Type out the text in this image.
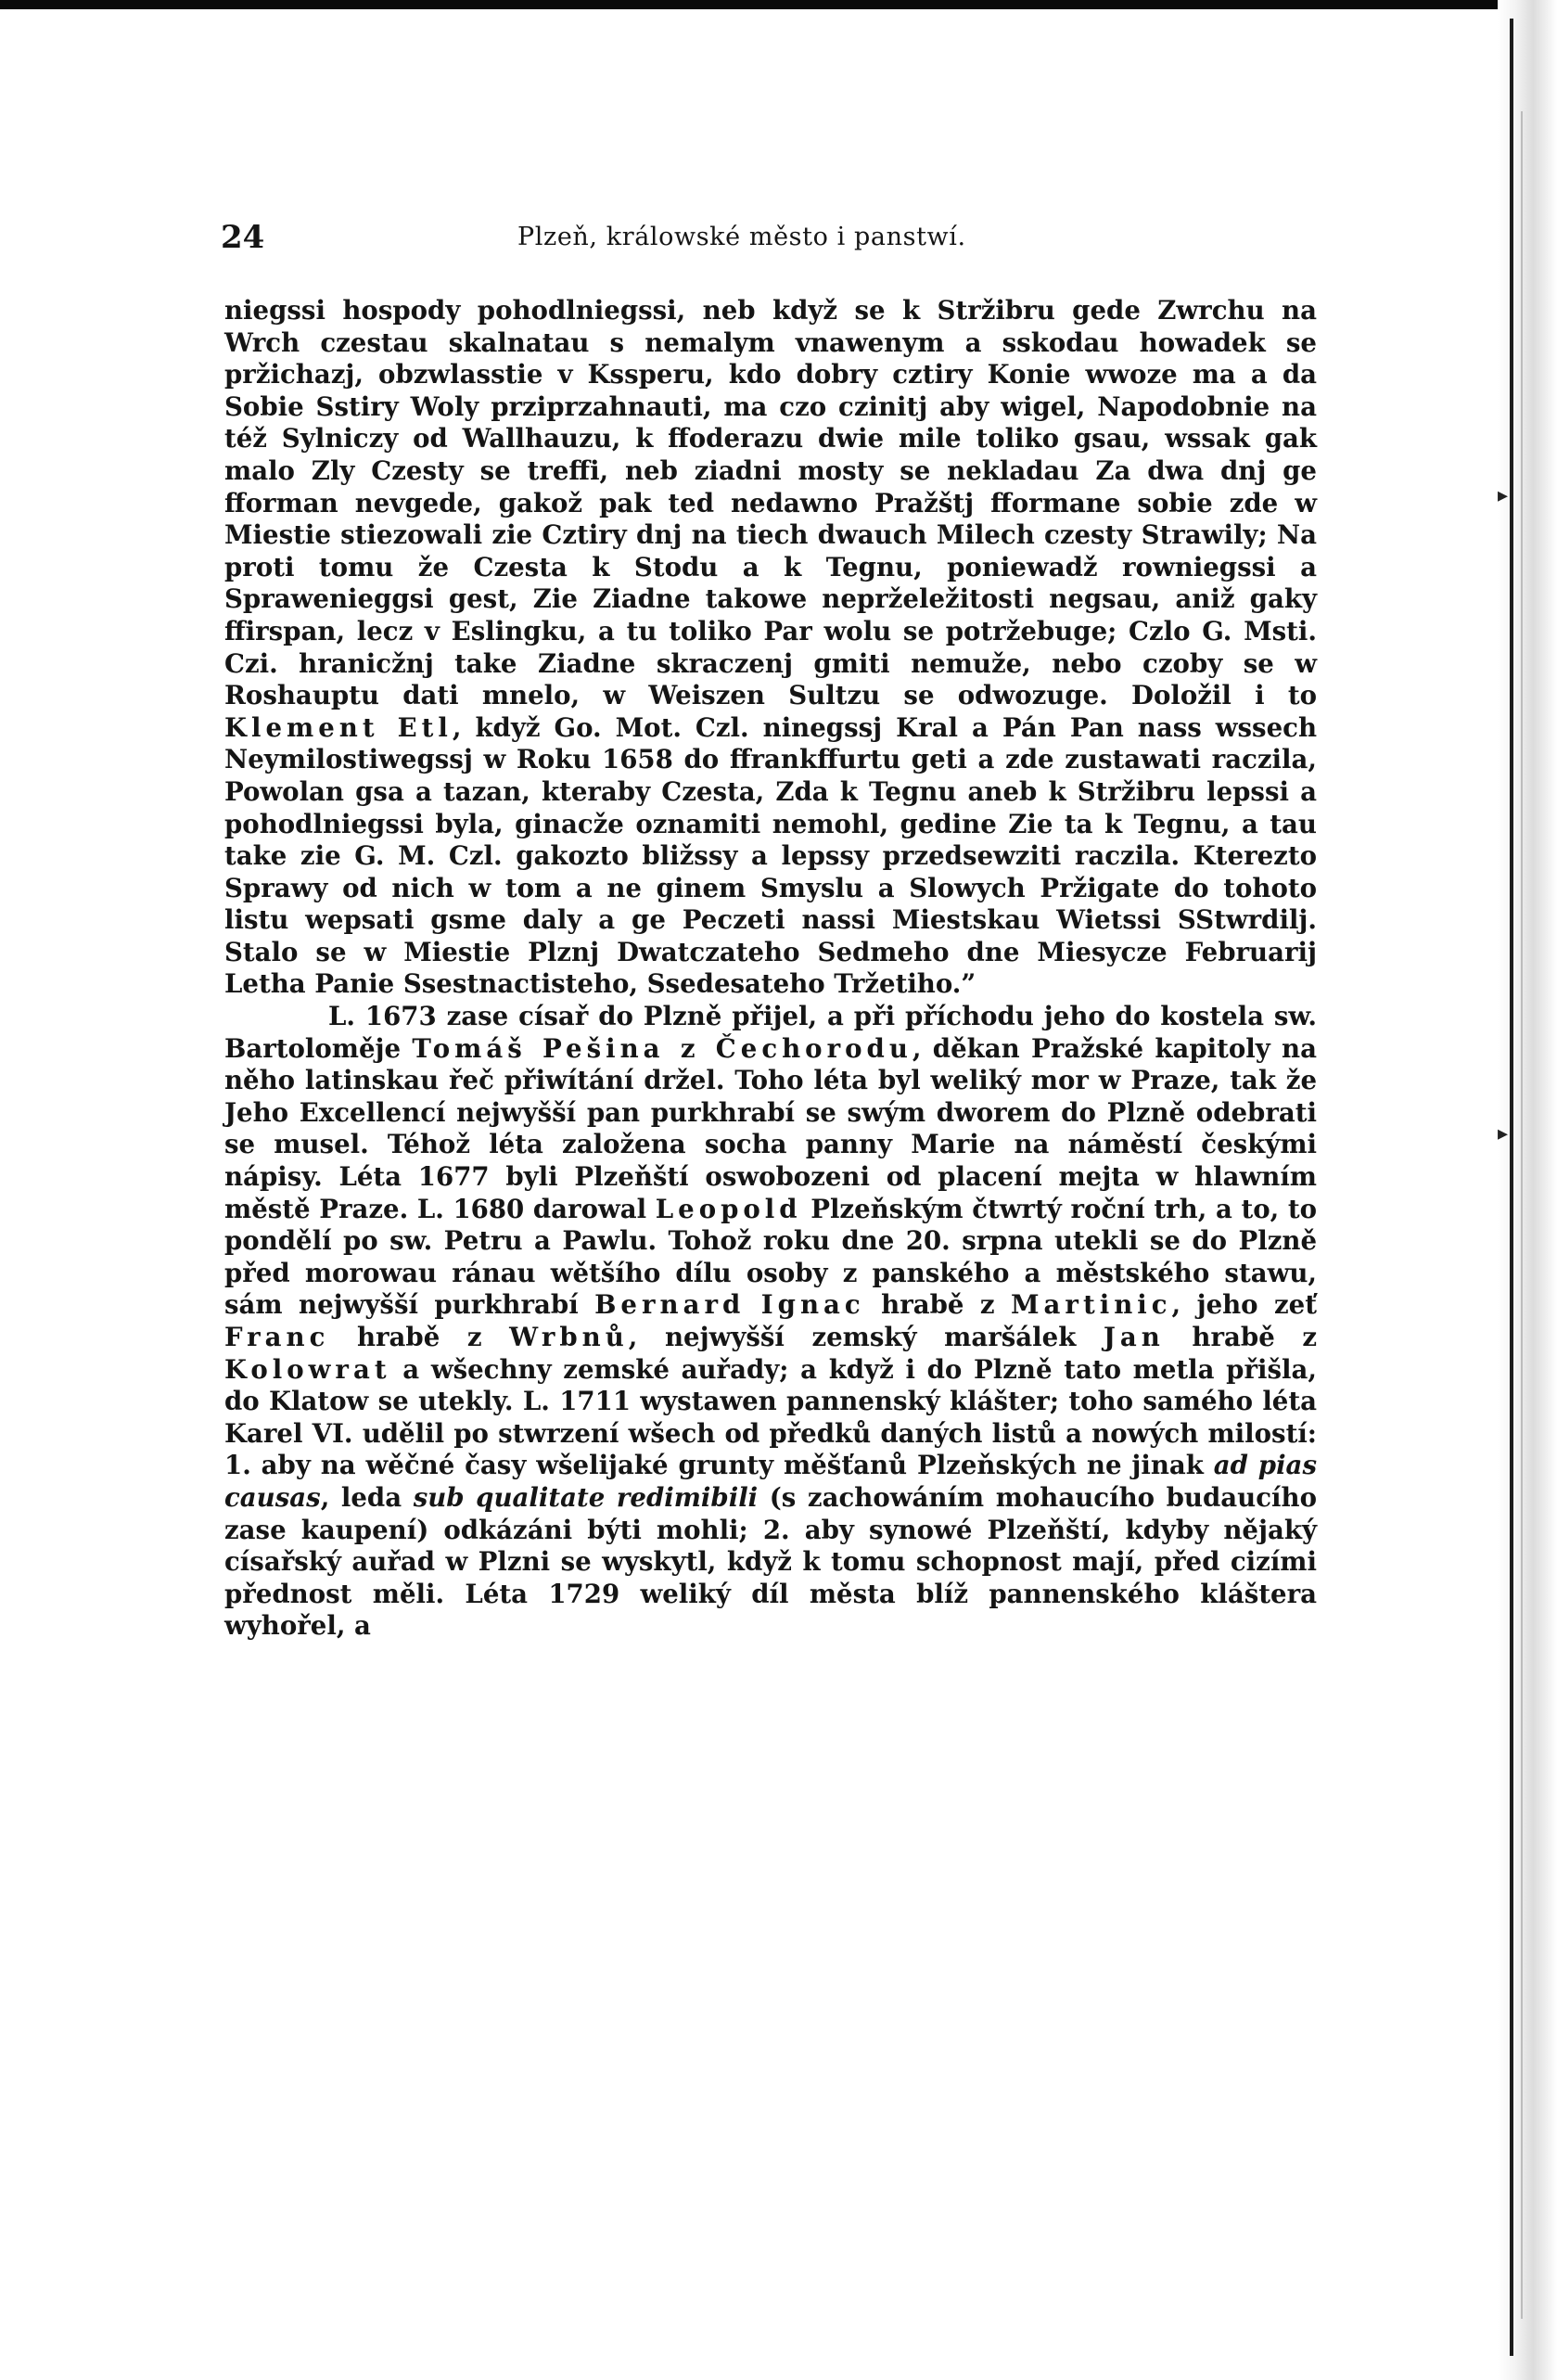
▸
▸
24	Plzeň, králowské město i panstwí.

niegssi hospody pohodlniegssi, neb když se k Stržibru gede Zwrchu na Wrch czestau skalnatau s nemalym vnawenym a sskodau howadek se pržichazj, obzwlasstie v Kssperu, kdo dobry cztiry Konie wwoze ma a da Sobie Sstiry Woly prziprzahnauti, ma czo czinitj aby wigel, Napodobnie na též Sylniczy od Wallhauzu, k ffoderazu dwie mile toliko gsau, wssak gak malo Zly Czesty se treffi, neb ziadni mosty se nekladau Za dwa dnj ge fforman nevgede, gakož pak ted nedawno Pražštj fformane sobie zde w Miestie stiezowali zie Cztiry dnj na tiech dwauch Milech czesty Strawily; Na proti tomu že Czesta k Stodu a k Tegnu, poniewadž rowniegssi a Sprawenieggsi gest, Zie Ziadne takowe neprželežitosti negsau, aniž gaky ffirspan, lecz v Eslingku, a tu toliko Par wolu se potržebuge; Czlo G. Msti. Czi. hranicžnj take Ziadne skraczenj gmiti nemuže, nebo czoby se w Roshauptu dati mnelo, w Weiszen Sultzu se odwozuge. Doložil i to Klement Etl, když Go. Mot. Czl. ninegssj Kral a Pán Pan nass wssech Neymilostiwegssj w Roku 1658 do ffrankffurtu geti a zde zustawati raczila, Powolan gsa a tazan, kteraby Czesta, Zda k Tegnu aneb k Stržibru lepssi a pohodlniegssi byla, ginacže oznamiti nemohl, gedine Zie ta k Tegnu, a tau take zie G. M. Czl. gakozto bližssy a lepssy przedsewziti raczila. Kterezto Sprawy od nich w tom a ne ginem Smyslu a Slowych Pržigate do tohoto listu wepsati gsme daly a ge Peczeti nassi Miestskau Wietssi SStwrdilj. Stalo se w Miestie Plznj Dwatczateho Sedmeho dne Miesycze Februarij Letha Panie Ssestnactisteho, Ssedesateho Tržetiho.”

L. 1673 zase císař do Plzně přijel, a při příchodu jeho do kostela sw. Bartoloměje Tomáš Pešina z Čechorodu, děkan Pražské kapitoly na něho latinskau řeč přiwítání držel. Toho léta byl weliký mor w Praze, tak že Jeho Excellencí nejwyšší pan purkhrabí se swým dworem do Plzně odebrati se musel. Téhož léta založena socha panny Marie na náměstí českými nápisy. Léta 1677 byli Plzeňští oswobozeni od placení mejta w hlawním městě Praze. L. 1680 darowal Leopold Plzeňským čtwrtý roční trh, a to, to pondělí po sw. Petru a Pawlu. Tohož roku dne 20. srpna utekli se do Plzně před morowau ránau wětšího dílu osoby z panského a městského stawu, sám nejwyšší purkhrabí Bernard Ignac hrabě z Martinic, jeho zeť Franc hrabě z Wrbnů, nejwyšší zemský maršálek Jan hrabě z Kolowrat a wšechny zemské auřady; a když i do Plzně tato metla přišla, do Klatow se utekly. L. 1711 wystawen pannenský klášter; toho samého léta Karel VI. udělil po stwrzení wšech od předků daných listů a nowých milostí: 1. aby na wěčné časy wšelijaké grunty měšťanů Plzeňských ne jinak ad pias causas, leda sub qualitate redimibili (s zachowáním mohaucího budaucího zase kaupení) odkázáni býti mohli; 2. aby synowé Plzeňští, kdyby nějaký císařský auřad w Plzni se wyskytl, když k tomu schopnost mají, před cizími přednost měli. Léta 1729 weliký díl města blíž pannenského kláštera wyhořel, a
